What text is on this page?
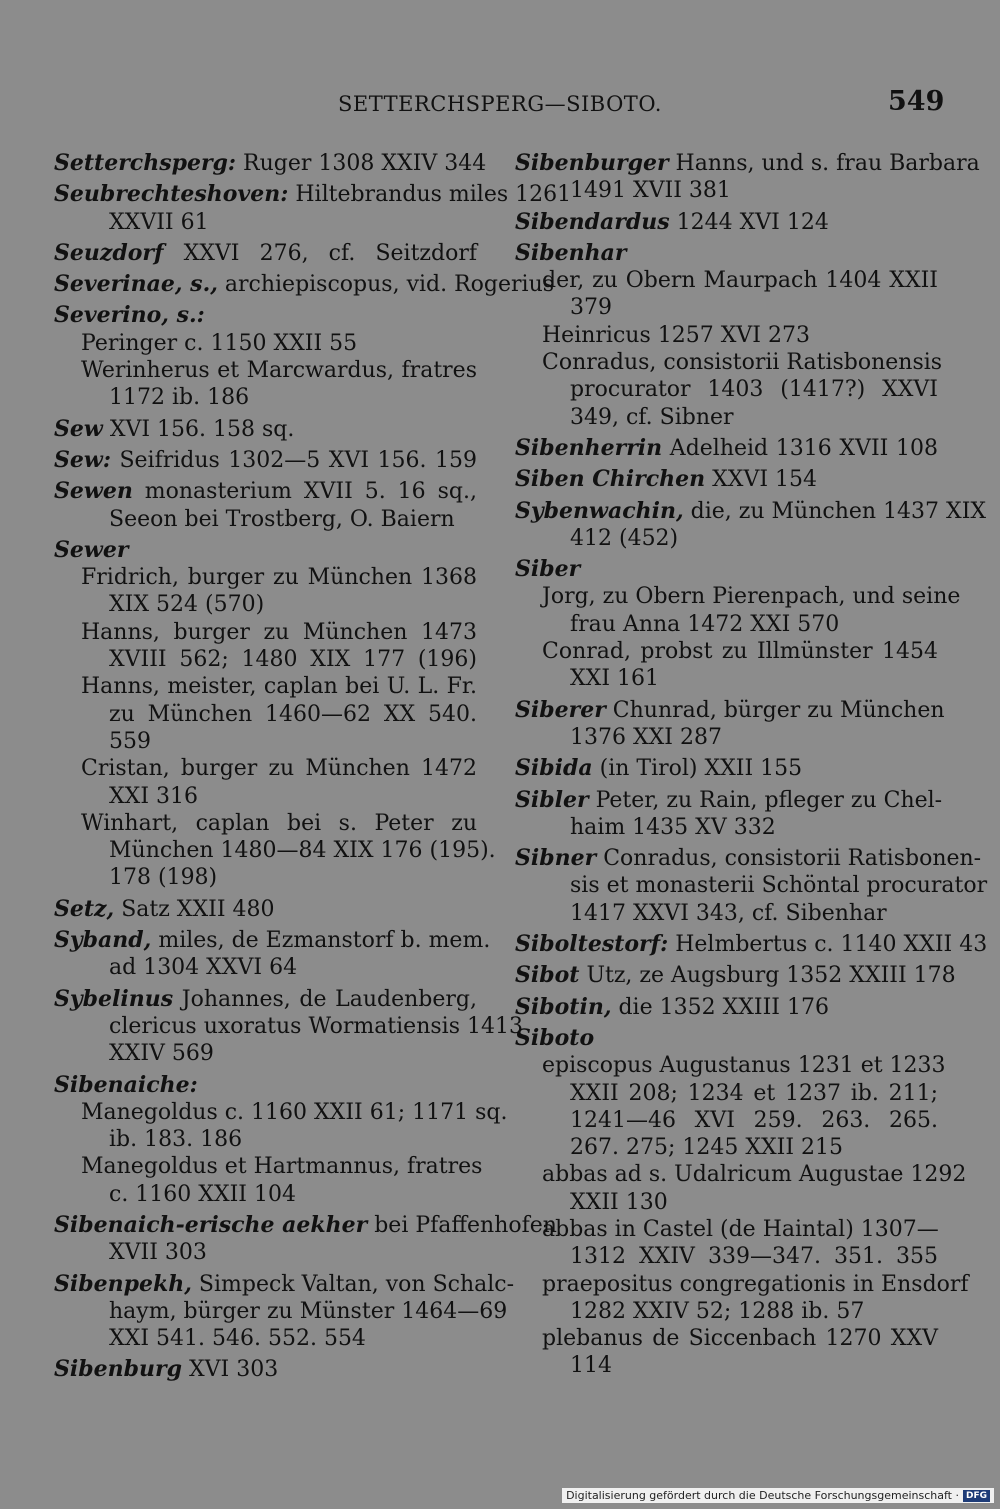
SETTERCHSPERG—SIBOTO.	549
Setterchsperg: Ruger 1308 XXIV 344
Seubrechteshoven: Hiltebrandus miles 1261
XXVII 61
Seuzdorf XXVI 276, cf. Seitzdorf
Severinae, s., archiepiscopus, vid. Rogerius
Severino, s.:
Peringer c. 1150 XXII 55
Werinherus et Marcwardus, fratres
1172 ib. 186
Sew XVI 156. 158 sq.
Sew: Seifridus 1302—5 XVI 156. 159
Sewen monasterium XVII 5. 16 sq.,
Seeon bei Trostberg, O. Baiern
Sewer
Fridrich, burger zu München 1368
XIX 524 (570)
Hanns, burger zu München 1473
XVIII 562; 1480 XIX 177 (196)
Hanns, meister, caplan bei U. L. Fr.
zu München 1460—62 XX 540.
559
Cristan, burger zu München 1472
XXI 316
Winhart, caplan bei s. Peter zu
München 1480—84 XIX 176 (195).
178 (198)
Setz, Satz XXII 480
Syband, miles, de Ezmanstorf b. mem.
ad 1304 XXVI 64
Sybelinus Johannes, de Laudenberg,
clericus uxoratus Wormatiensis 1413
XXIV 569
Sibenaiche:
Manegoldus c. 1160 XXII 61; 1171 sq.
ib. 183. 186
Manegoldus et Hartmannus, fratres
c. 1160 XXII 104
Sibenaich-erische aekher bei Pfaffenhofen
XVII 303
Sibenpekh, Simpeck Valtan, von Schalc-
haym, bürger zu Münster 1464—69
XXI 541. 546. 552. 554
Sibenburg XVI 303
Sibenburger Hanns, und s. frau Barbara
1491 XVII 381
Sibendardus 1244 XVI 124
Sibenhar
der, zu Obern Maurpach 1404 XXII
379
Heinricus 1257 XVI 273
Conradus, consistorii Ratisbonensis
procurator 1403 (1417?) XXVI
349, cf. Sibner
Sibenherrin Adelheid 1316 XVII 108
Siben Chirchen XXVI 154
Sybenwachin, die, zu München 1437 XIX
412 (452)
Siber
Jorg, zu Obern Pierenpach, und seine
frau Anna 1472 XXI 570
Conrad, probst zu Illmünster 1454
XXI 161
Siberer Chunrad, bürger zu München
1376 XXI 287
Sibida (in Tirol) XXII 155
Sibler Peter, zu Rain, pfleger zu Chel-
haim 1435 XV 332
Sibner Conradus, consistorii Ratisbonen-
sis et monasterii Schöntal procurator
1417 XXVI 343, cf. Sibenhar
Siboltestorf: Helmbertus c. 1140 XXII 43
Sibot Utz, ze Augsburg 1352 XXIII 178
Sibotin, die 1352 XXIII 176
Siboto
episcopus Augustanus 1231 et 1233
XXII 208; 1234 et 1237 ib. 211;
1241—46 XVI 259. 263. 265.
267. 275; 1245 XXII 215
abbas ad s. Udalricum Augustae 1292
XXII 130
abbas in Castel (de Haintal) 1307—
1312 XXIV 339—347. 351. 355
praepositus congregationis in Ensdorf
1282 XXIV 52; 1288 ib. 57
plebanus de Siccenbach 1270 XXV
114
Digitalisierung gefördert durch die Deutsche Forschungsgemeinschaft · DFG
